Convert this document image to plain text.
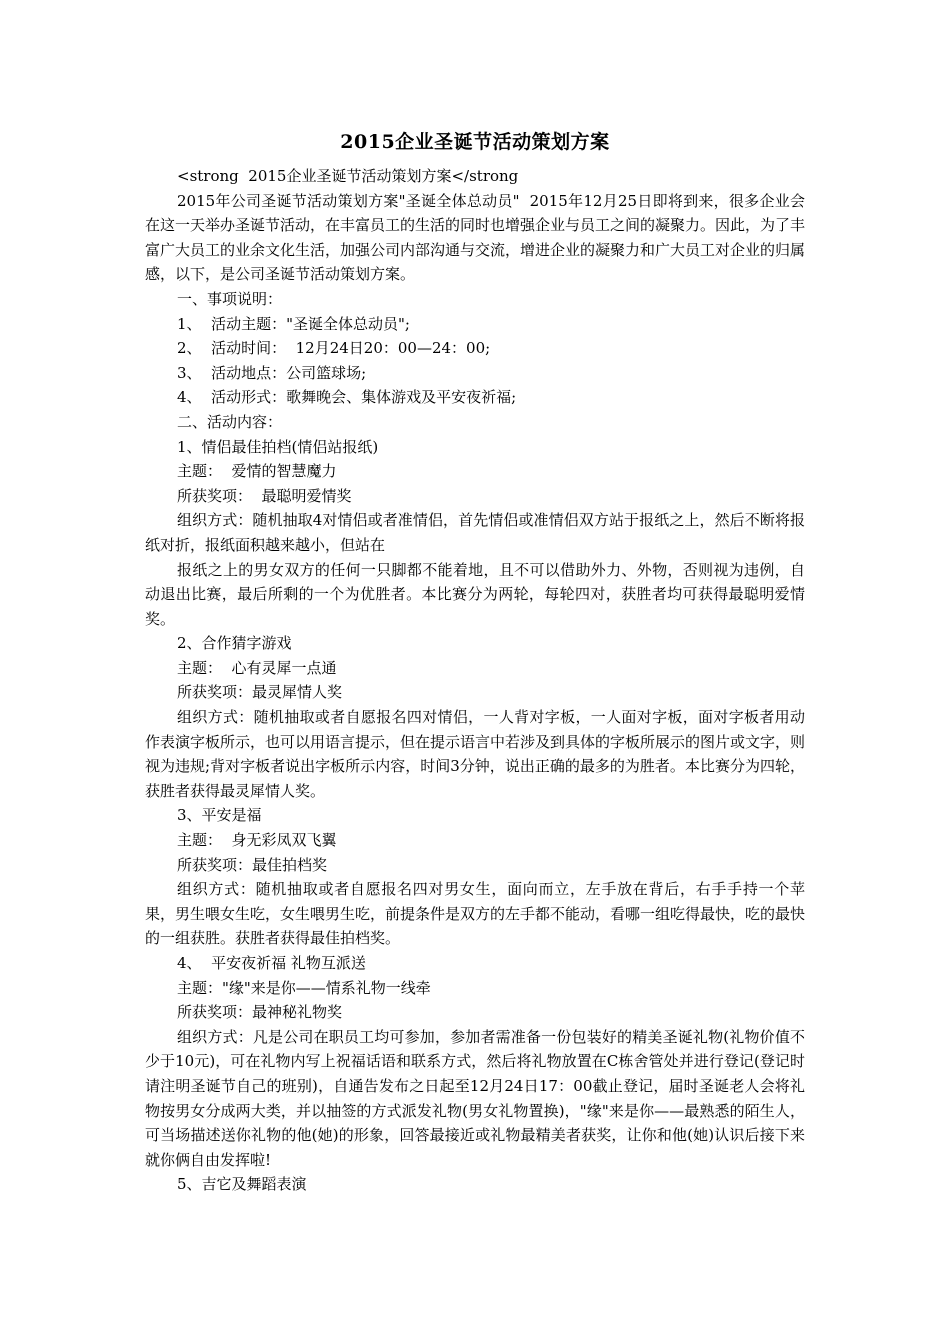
2015企业圣诞节活动策划方案

<strong  2015企业圣诞节活动策划方案</strong

2015年公司圣诞节活动策划方案"圣诞全体总动员"  2015年12月25日即将到来，很多企业会在这一天举办圣诞节活动，在丰富员工的生活的同时也增强企业与员工之间的凝聚力。因此，为了丰富广大员工的业余文化生活，加强公司内部沟通与交流，增进企业的凝聚力和广大员工对企业的归属感，以下，是公司圣诞节活动策划方案。

一、事项说明：

1、  活动主题："圣诞全体总动员";

2、  活动时间：  12月24日20：00—24：00;

3、  活动地点：公司篮球场;

4、  活动形式：歌舞晚会、集体游戏及平安夜祈福;

二、活动内容：

1、情侣最佳拍档(情侣站报纸)

主题：  爱情的智慧魔力

所获奖项：  最聪明爱情奖

组织方式：随机抽取4对情侣或者准情侣，首先情侣或准情侣双方站于报纸之上，然后不断将报纸对折，报纸面积越来越小，但站在

报纸之上的男女双方的任何一只脚都不能着地，且不可以借助外力、外物，否则视为违例，自动退出比赛，最后所剩的一个为优胜者。本比赛分为两轮，每轮四对，获胜者均可获得最聪明爱情奖。

2、合作猜字游戏

主题：  心有灵犀一点通

所获奖项：最灵犀情人奖

组织方式：随机抽取或者自愿报名四对情侣，一人背对字板，一人面对字板，面对字板者用动作表演字板所示，也可以用语言提示，但在提示语言中若涉及到具体的字板所展示的图片或文字，则视为违规;背对字板者说出字板所示内容，时间3分钟，说出正确的最多的为胜者。本比赛分为四轮，获胜者获得最灵犀情人奖。

3、平安是福

主题：  身无彩凤双飞翼

所获奖项：最佳拍档奖

组织方式：随机抽取或者自愿报名四对男女生，面向而立，左手放在背后，右手手持一个苹果，男生喂女生吃，女生喂男生吃，前提条件是双方的左手都不能动，看哪一组吃得最快，吃的最快的一组获胜。获胜者获得最佳拍档奖。

4、  平安夜祈福 礼物互派送

主题："缘"来是你——情系礼物一线牵

所获奖项：最神秘礼物奖

组织方式：凡是公司在职员工均可参加，参加者需准备一份包装好的精美圣诞礼物(礼物价值不少于10元)，可在礼物内写上祝福话语和联系方式，然后将礼物放置在C栋舍管处并进行登记(登记时请注明圣诞节自己的班别)，自通告发布之日起至12月24日17：00截止登记，届时圣诞老人会将礼物按男女分成两大类，并以抽签的方式派发礼物(男女礼物置换)，"缘"来是你——最熟悉的陌生人，可当场描述送你礼物的他(她)的形象，回答最接近或礼物最精美者获奖，让你和他(她)认识后接下来就你俩自由发挥啦!

5、吉它及舞蹈表演
